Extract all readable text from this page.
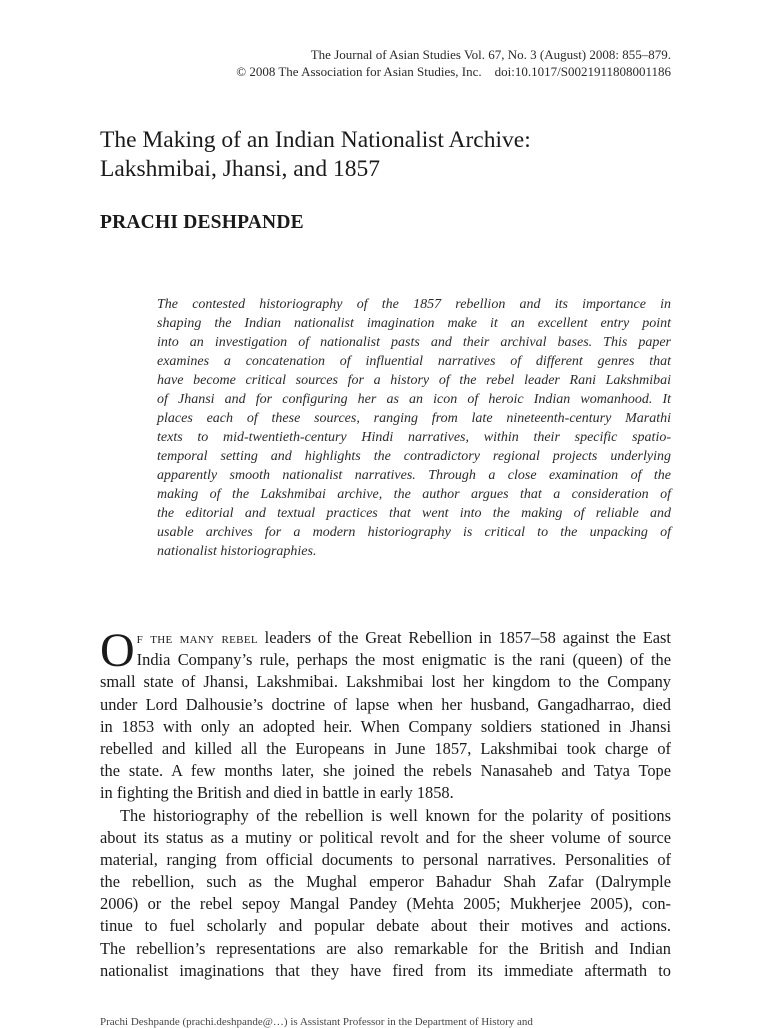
The Journal of Asian Studies Vol. 67, No. 3 (August) 2008: 855–879.
© 2008 The Association for Asian Studies, Inc.    doi:10.1017/S0021911808001186
The Making of an Indian Nationalist Archive:
Lakshmibai, Jhansi, and 1857
PRACHI DESHPANDE
The contested historiography of the 1857 rebellion and its importance in
shaping the Indian nationalist imagination make it an excellent entry point
into an investigation of nationalist pasts and their archival bases. This paper
examines a concatenation of influential narratives of different genres that
have become critical sources for a history of the rebel leader Rani Lakshmibai
of Jhansi and for configuring her as an icon of heroic Indian womanhood. It
places each of these sources, ranging from late nineteenth-century Marathi
texts to mid-twentieth-century Hindi narratives, within their specific spatio-
temporal setting and highlights the contradictory regional projects underlying
apparently smooth nationalist narratives. Through a close examination of the
making of the Lakshmibai archive, the author argues that a consideration of
the editorial and textual practices that went into the making of reliable and
usable archives for a modern historiography is critical to the unpacking of
nationalist historiographies.
O f the many rebel leaders of the Great Rebellion in 1857–58 against the East
India Company’s rule, perhaps the most enigmatic is the rani (queen) of the
small state of Jhansi, Lakshmibai. Lakshmibai lost her kingdom to the Company
under Lord Dalhousie’s doctrine of lapse when her husband, Gangadharrao, died
in 1853 with only an adopted heir. When Company soldiers stationed in Jhansi
rebelled and killed all the Europeans in June 1857, Lakshmibai took charge of
the state. A few months later, she joined the rebels Nanasaheb and Tatya Tope
in fighting the British and died in battle in early 1858.
The historiography of the rebellion is well known for the polarity of positions
about its status as a mutiny or political revolt and for the sheer volume of source
material, ranging from official documents to personal narratives. Personalities of
the rebellion, such as the Mughal emperor Bahadur Shah Zafar (Dalrymple
2006) or the rebel sepoy Mangal Pandey (Mehta 2005; Mukherjee 2005), con-
tinue to fuel scholarly and popular debate about their motives and actions.
The rebellion’s representations are also remarkable for the British and Indian
nationalist imaginations that they have fired from its immediate aftermath to
Prachi Deshpande (prachi.deshpande@…) is Assistant Professor in the Department of History and
